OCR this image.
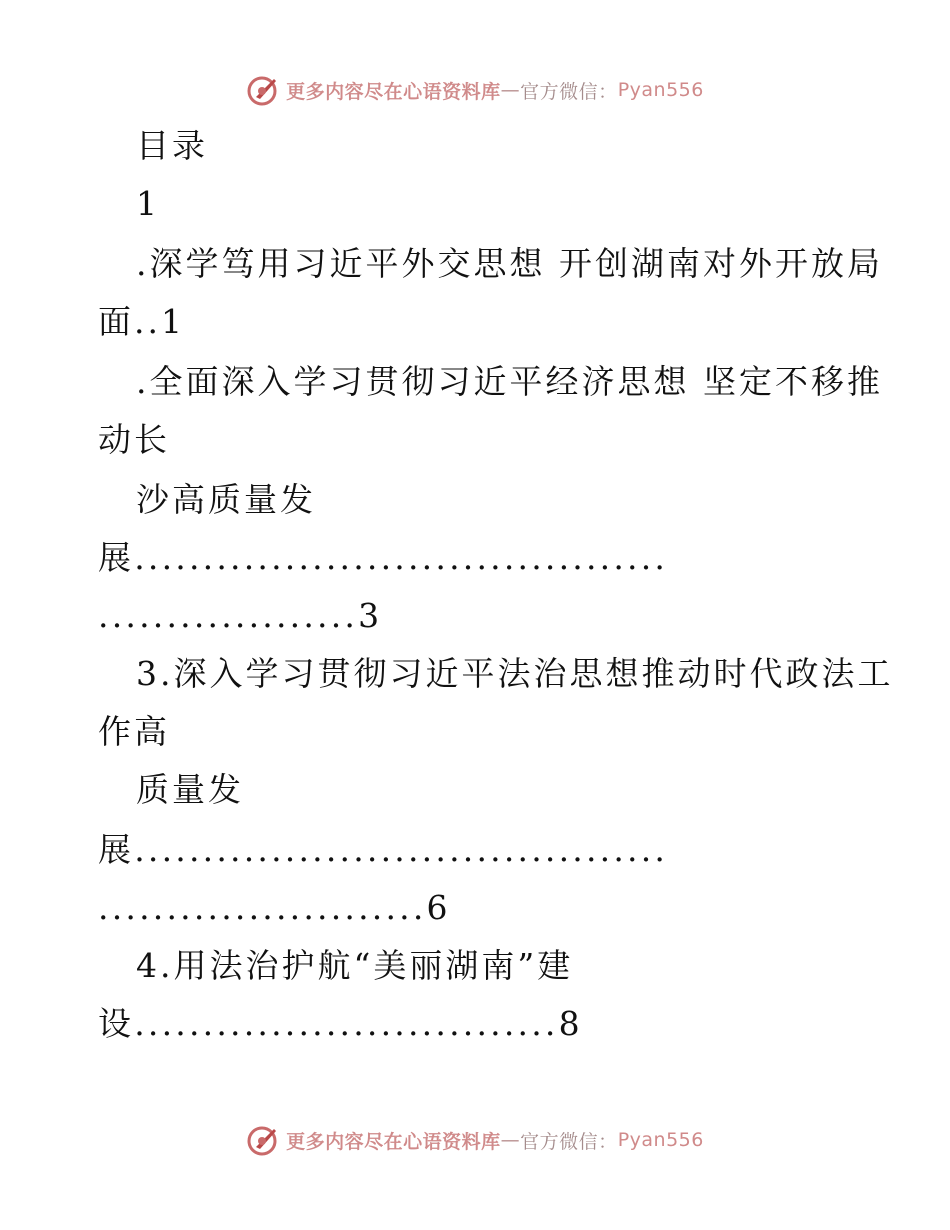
更多内容尽在心语资料库 — 官方微信： Pyan556
目录
1
.深学笃用习近平外交思想 开创湖南对外开放局
面..1
.全面深入学习贯彻习近平经济思想 坚定不移推
动长
沙高质量发
展.......................................
...................3
3.深入学习贯彻习近平法治思想推动时代政法工
作高
质量发
展.......................................
........................6
4.用法治护航“美丽湖南”建
设...............................8
更多内容尽在心语资料库 — 官方微信： Pyan556
